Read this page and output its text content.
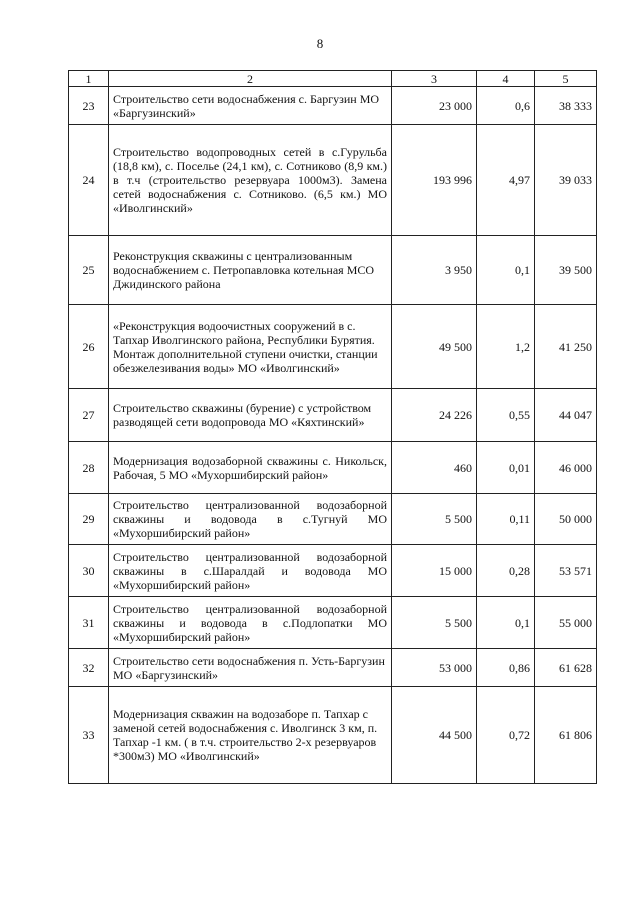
8
1	2	3	4	5
23	Строительство сети водоснабжения с. Баргузин МО «Баргузинский»	23 000	0,6	38 333
24	Строительство водопроводных сетей в с.Гурульба (18,8 км), с. Поселье (24,1 км), с. Сотниково (8,9 км.) в т.ч (строительство резервуара 1000м3). Замена сетей водоснабжения с. Сотниково. (6,5 км.) МО «Иволгинский»	193 996	4,97	39 033
25	Реконструкция скважины с централизованным водоснабжением с. Петропавловка котельная МСО Джидинского района	3 950	0,1	39 500
26	«Реконструкция водоочистных сооружений в с. Тапхар Иволгинского района, Республики Бурятия. Монтаж дополнительной ступени очистки, станции обезжелезивания воды» МО «Иволгинский»	49 500	1,2	41 250
27	Строительство скважины (бурение) с устройством разводящей сети водопровода МО «Кяхтинский»	24 226	0,55	44 047
28	Модернизация водозаборной скважины с. Никольск, Рабочая, 5 МО «Мухоршибирский район»	460	0,01	46 000
29	Строительство централизованной водозаборной скважины и водовода в с.Тугнуй МО «Мухоршибирский район»	5 500	0,11	50 000
30	Строительство централизованной водозаборной скважины в с.Шаралдай и водовода МО «Мухоршибирский район»	15 000	0,28	53 571
31	Строительство централизованной водозаборной скважины и водовода в с.Подлопатки МО «Мухоршибирский район»	5 500	0,1	55 000
32	Строительство сети водоснабжения п. Усть-Баргузин МО «Баргузинский»	53 000	0,86	61 628
33	Модернизация скважин на водозаборе п. Тапхар с заменой сетей водоснабжения с. Иволгинск 3 км, п. Тапхар -1 км. ( в т.ч. строительство 2-х резервуаров *300м3) МО «Иволгинский»	44 500	0,72	61 806
